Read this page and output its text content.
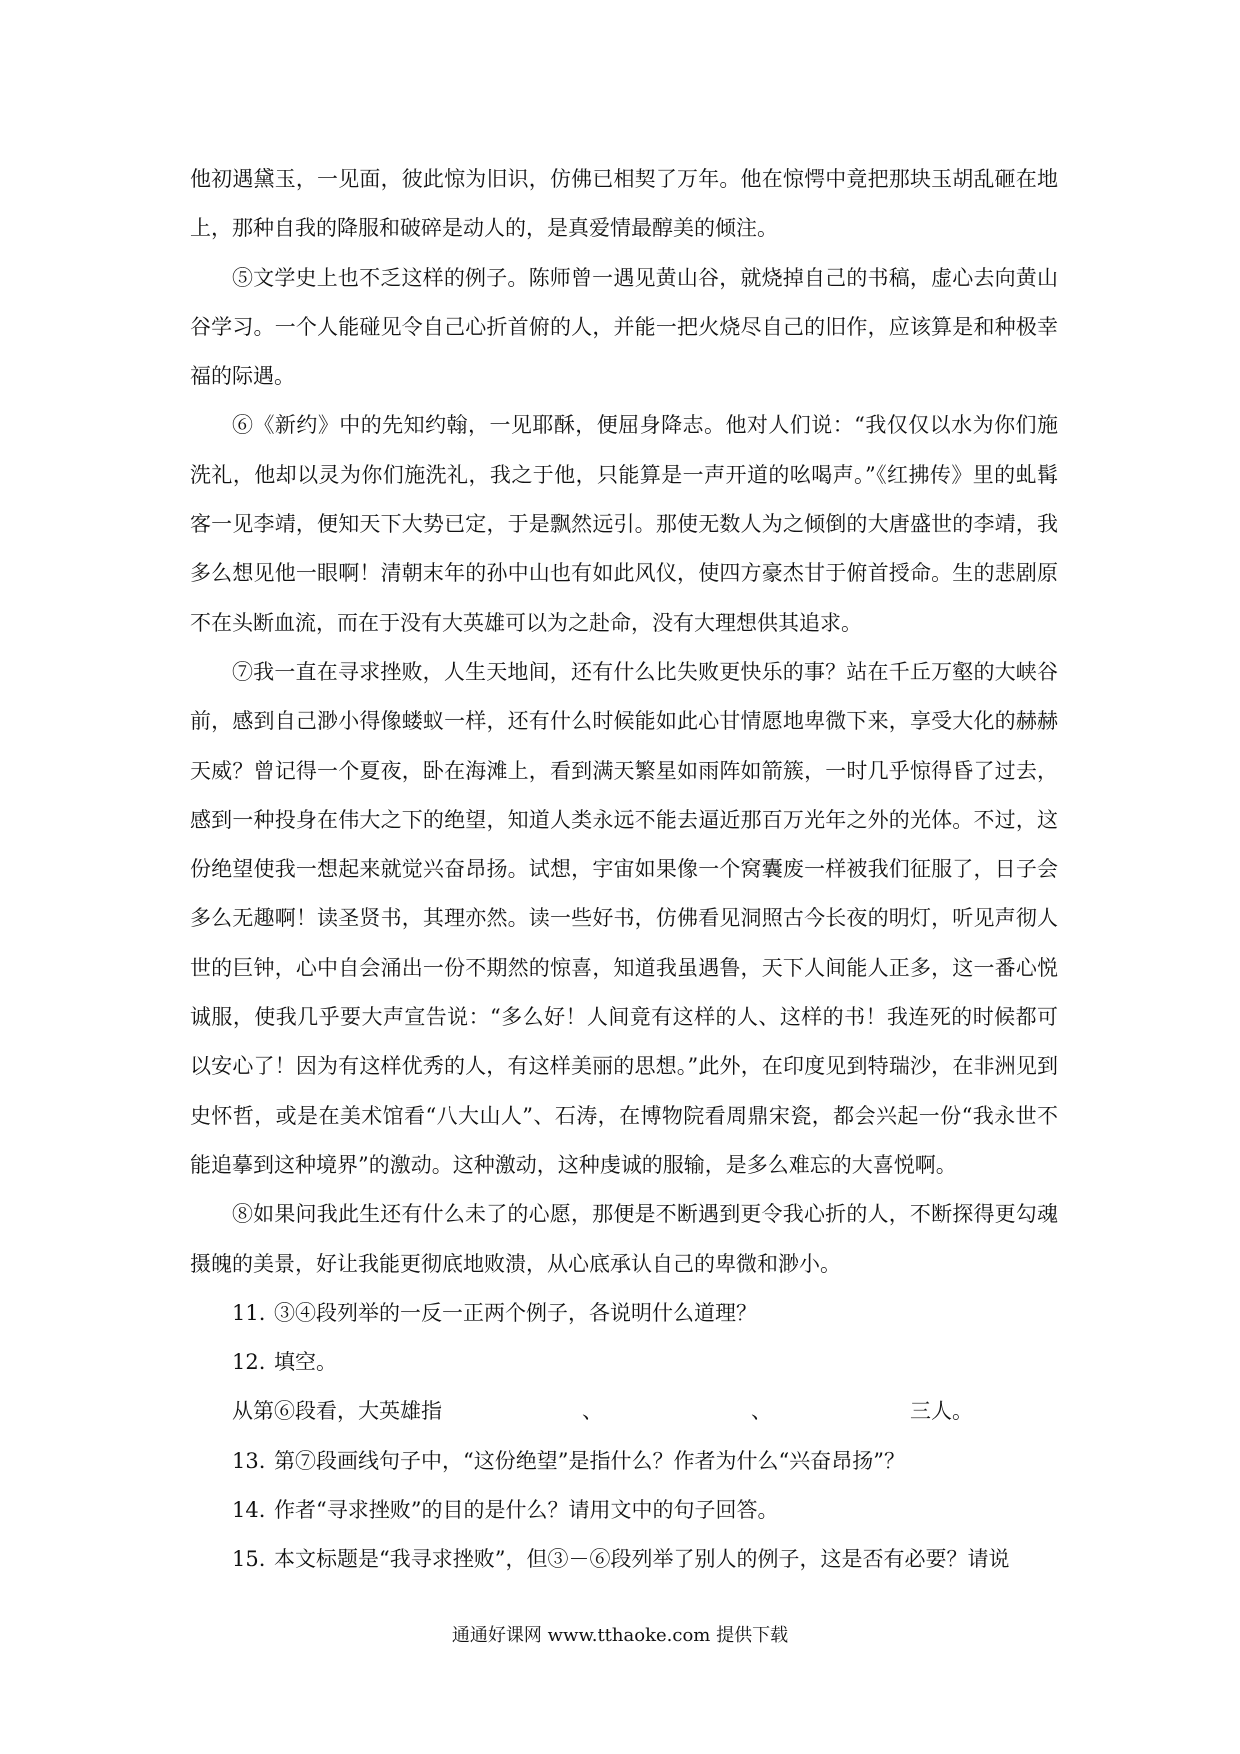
他初遇黛玉，一见面，彼此惊为旧识，仿佛已相契了万年。他在惊愕中竟把那块玉胡乱砸在地上，那种自我的降服和破碎是动人的，是真爱情最醇美的倾注。

⑤文学史上也不乏这样的例子。陈师曾一遇见黄山谷，就烧掉自己的书稿，虚心去向黄山谷学习。一个人能碰见令自己心折首俯的人，并能一把火烧尽自己的旧作，应该算是和种极幸福的际遇。

⑥《新约》中的先知约翰，一见耶酥，便屈身降志。他对人们说：“我仅仅以水为你们施洗礼，他却以灵为你们施洗礼，我之于他，只能算是一声开道的吆喝声。”《红拂传》里的虬髯客一见李靖，便知天下大势已定，于是飘然远引。那使无数人为之倾倒的大唐盛世的李靖，我多么想见他一眼啊！清朝末年的孙中山也有如此风仪，使四方豪杰甘于俯首授命。生的悲剧原不在头断血流，而在于没有大英雄可以为之赴命，没有大理想供其追求。

⑦我一直在寻求挫败，人生天地间，还有什么比失败更快乐的事？站在千丘万壑的大峡谷前，感到自己渺小得像蝼蚁一样，还有什么时候能如此心甘情愿地卑微下来，享受大化的赫赫天威？曾记得一个夏夜，卧在海滩上，看到满天繁星如雨阵如箭簇，一时几乎惊得昏了过去，感到一种投身在伟大之下的绝望，知道人类永远不能去逼近那百万光年之外的光体。不过，这份绝望使我一想起来就觉兴奋昂扬。试想，宇宙如果像一个窝囊废一样被我们征服了，日子会多么无趣啊！读圣贤书，其理亦然。读一些好书，仿佛看见洞照古今长夜的明灯，听见声彻人世的巨钟，心中自会涌出一份不期然的惊喜，知道我虽遇鲁，天下人间能人正多，这一番心悦诚服，使我几乎要大声宣告说：“多么好！人间竟有这样的人、这样的书！我连死的时候都可以安心了！因为有这样优秀的人，有这样美丽的思想。”此外，在印度见到特瑞沙，在非洲见到史怀哲，或是在美术馆看“八大山人”、石涛，在博物院看周鼎宋瓷，都会兴起一份“我永世不能追摹到这种境界”的激动。这种激动，这种虔诚的服输，是多么难忘的大喜悦啊。

⑧如果问我此生还有什么未了的心愿，那便是不断遇到更令我心折的人，不断探得更勾魂摄魄的美景，好让我能更彻底地败溃，从心底承认自己的卑微和渺小。

11. ③④段列举的一反一正两个例子，各说明什么道理？

12. 填空。

从第⑥段看，大英雄指	、	、	三人。

13. 第⑦段画线句子中，“这份绝望”是指什么？作者为什么“兴奋昂扬”？

14. 作者“寻求挫败”的目的是什么？请用文中的句子回答。

15. 本文标题是“我寻求挫败”，但③－⑥段列举了别人的例子，这是否有必要？请说

通通好课网 www.tthaoke.com 提供下载
